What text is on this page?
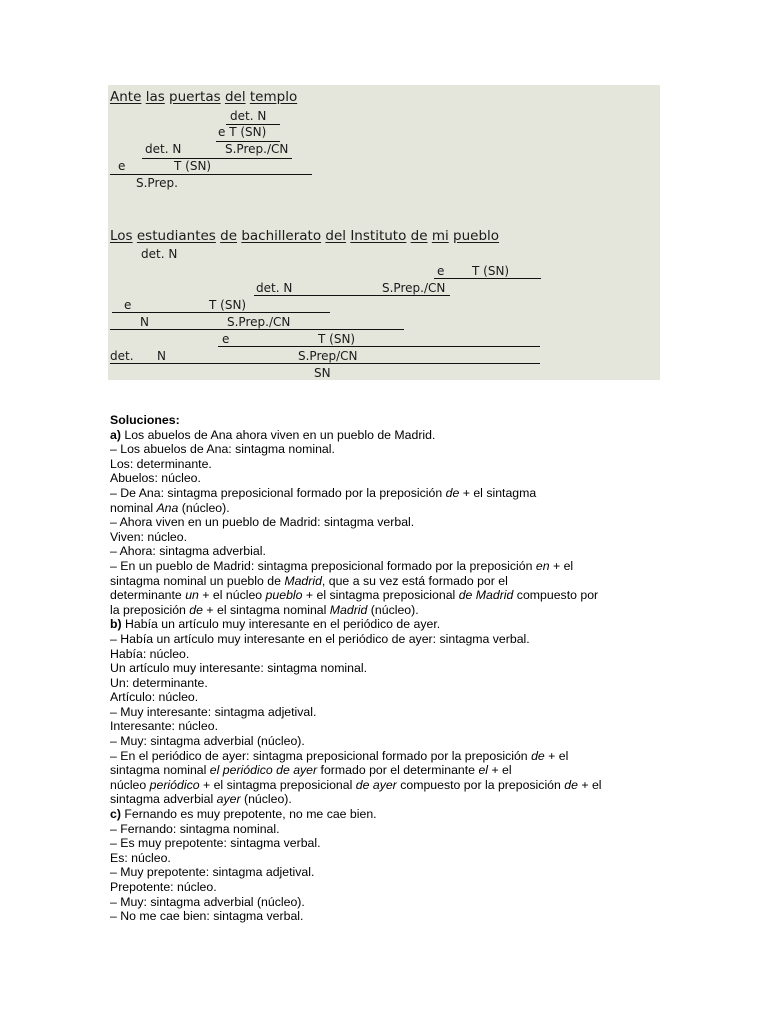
Ante las puertas del templo
det. N
e T (SN)
det. N	S.Prep./CN
e	T (SN)
S.Prep.
Los estudiantes de bachillerato del Instituto de mi pueblo
det. N
e T (SN)
det. N	S.Prep./CN
e	T (SN)
N	S.Prep./CN
e	T (SN)
det. N	S.Prep/CN
SN
Soluciones:
a) Los abuelos de Ana ahora viven en un pueblo de Madrid.
– Los abuelos de Ana: sintagma nominal.
Los: determinante.
Abuelos: núcleo.
– De Ana: sintagma preposicional formado por la preposición de + el sintagma
nominal Ana (núcleo).
– Ahora viven en un pueblo de Madrid: sintagma verbal.
Viven: núcleo.
– Ahora: sintagma adverbial.
– En un pueblo de Madrid: sintagma preposicional formado por la preposición en + el
sintagma nominal un pueblo de Madrid, que a su vez está formado por el
determinante un + el núcleo pueblo + el sintagma preposicional de Madrid compuesto por
la preposición de + el sintagma nominal Madrid (núcleo).
b) Había un artículo muy interesante en el periódico de ayer.
– Había un artículo muy interesante en el periódico de ayer: sintagma verbal.
Había: núcleo.
Un artículo muy interesante: sintagma nominal.
Un: determinante.
Artículo: núcleo.
– Muy interesante: sintagma adjetival.
Interesante: núcleo.
– Muy: sintagma adverbial (núcleo).
– En el periódico de ayer: sintagma preposicional formado por la preposición de + el
sintagma nominal el periódico de ayer formado por el determinante el + el
núcleo periódico + el sintagma preposicional de ayer compuesto por la preposición de + el
sintagma adverbial ayer (núcleo).
c) Fernando es muy prepotente, no me cae bien.
– Fernando: sintagma nominal.
– Es muy prepotente: sintagma verbal.
Es: núcleo.
– Muy prepotente: sintagma adjetival.
Prepotente: núcleo.
– Muy: sintagma adverbial (núcleo).
– No me cae bien: sintagma verbal.
